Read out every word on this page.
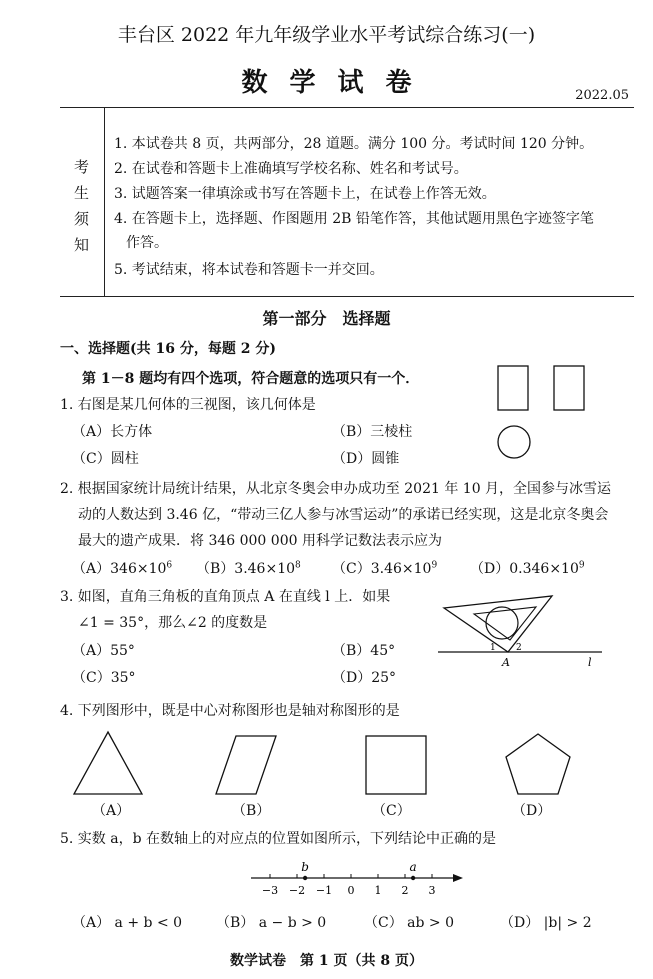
丰台区 2022 年九年级学业水平考试综合练习(一)
数学试卷	2022.05
考
生
须
知
1. 本试卷共 8 页，共两部分，28 道题。满分 100 分。考试时间 120 分钟。
2. 在试卷和答题卡上准确填写学校名称、姓名和考试号。
3. 试题答案一律填涂或书写在答题卡上，在试卷上作答无效。
4. 在答题卡上，选择题、作图题用 2B 铅笔作答，其他试题用黑色字迹签字笔
作答。
5. 考试结束，将本试卷和答题卡一并交回。
第一部分　选择题
一、选择题(共 16 分，每题 2 分)
第 1－8 题均有四个选项，符合题意的选项只有一个．
1. 右图是某几何体的三视图，该几何体是
（A）长方体	（B）三棱柱
（C）圆柱	（D）圆锥
2. 根据国家统计局统计结果，从北京冬奥会申办成功至 2021 年 10 月，全国参与冰雪运
动的人数达到 3.46 亿，“带动三亿人参与冰雪运动”的承诺已经实现，这是北京冬奥会
最大的遗产成果．将 346 000 000 用科学记数法表示应为
$(A)346\times 10^6$ $(B)3.46\times 10^8$ $(C)3.46\times 10^9$ $(D)0.346\times 10^9$
3. 如图，直角三角板的直角顶点 A 在直线 l 上．如果
∠1 = 35°，那么∠2 的度数是
（A）55°	（B）45°
（C）35°	（D）25°
1 2
A	l
4. 下列图形中，既是中心对称图形也是轴对称图形的是
（A）	（B）	（C）	（D）
5. 实数 a，b 在数轴上的对应点的位置如图所示，下列结论中正确的是
−3 −2 −1 0 1 2 3
b	a
（A） a + b < 0 （B） a − b > 0	（C） ab > 0	（D） |b| > 2
数学试卷　第 1 页（共 8 页）
